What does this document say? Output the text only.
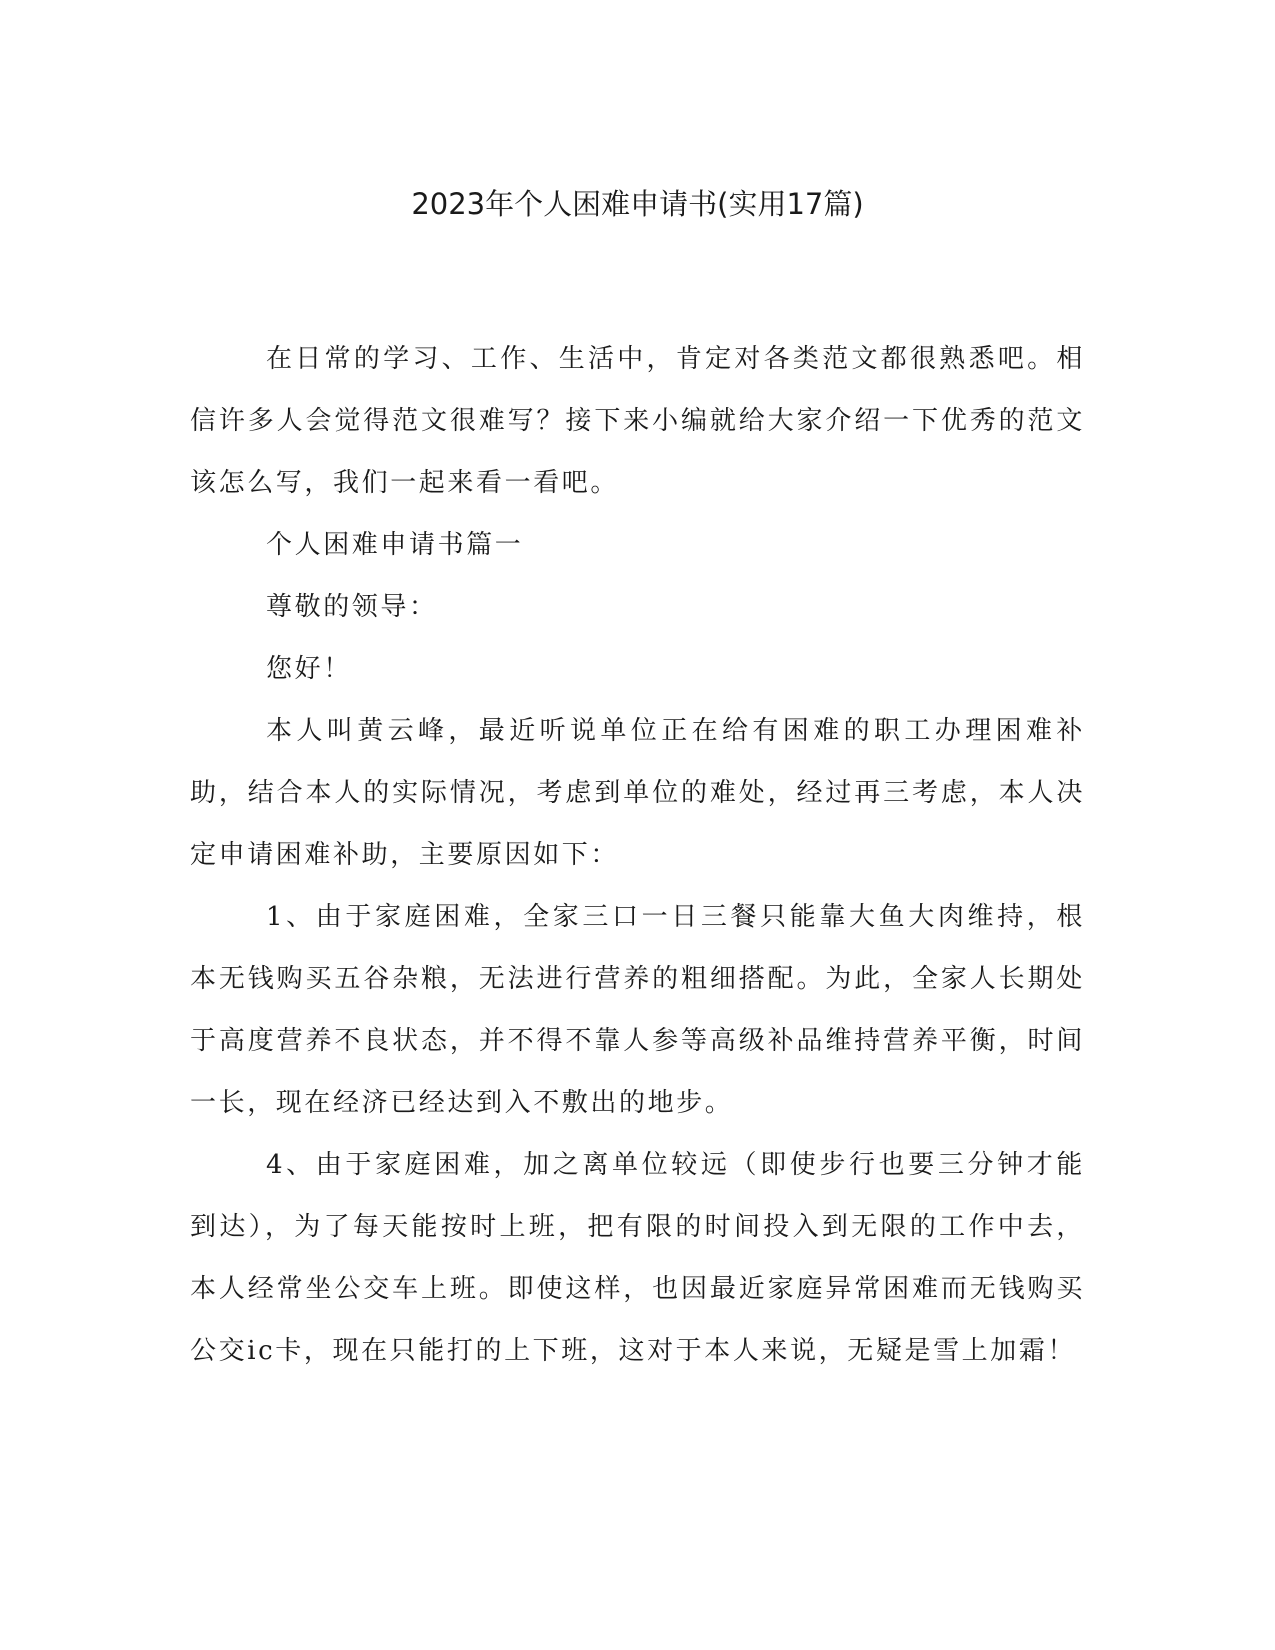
2023年个人困难申请书(实用17篇)

在日常的学习、工作、生活中，肯定对各类范文都很熟悉吧。相信许多人会觉得范文很难写？接下来小编就给大家介绍一下优秀的范文该怎么写，我们一起来看一看吧。

个人困难申请书篇一

尊敬的领导：

您好！

本人叫黄云峰，最近听说单位正在给有困难的职工办理困难补助，结合本人的实际情况，考虑到单位的难处，经过再三考虑，本人决定申请困难补助，主要原因如下：

1、由于家庭困难，全家三口一日三餐只能靠大鱼大肉维持，根本无钱购买五谷杂粮，无法进行营养的粗细搭配。为此，全家人长期处于高度营养不良状态，并不得不靠人参等高级补品维持营养平衡，时间一长，现在经济已经达到入不敷出的地步。

4、由于家庭困难，加之离单位较远（即使步行也要三分钟才能到达），为了每天能按时上班，把有限的时间投入到无限的工作中去，本人经常坐公交车上班。即使这样，也因最近家庭异常困难而无钱购买公交ic卡，现在只能打的上下班，这对于本人来说，无疑是雪上加霜！
